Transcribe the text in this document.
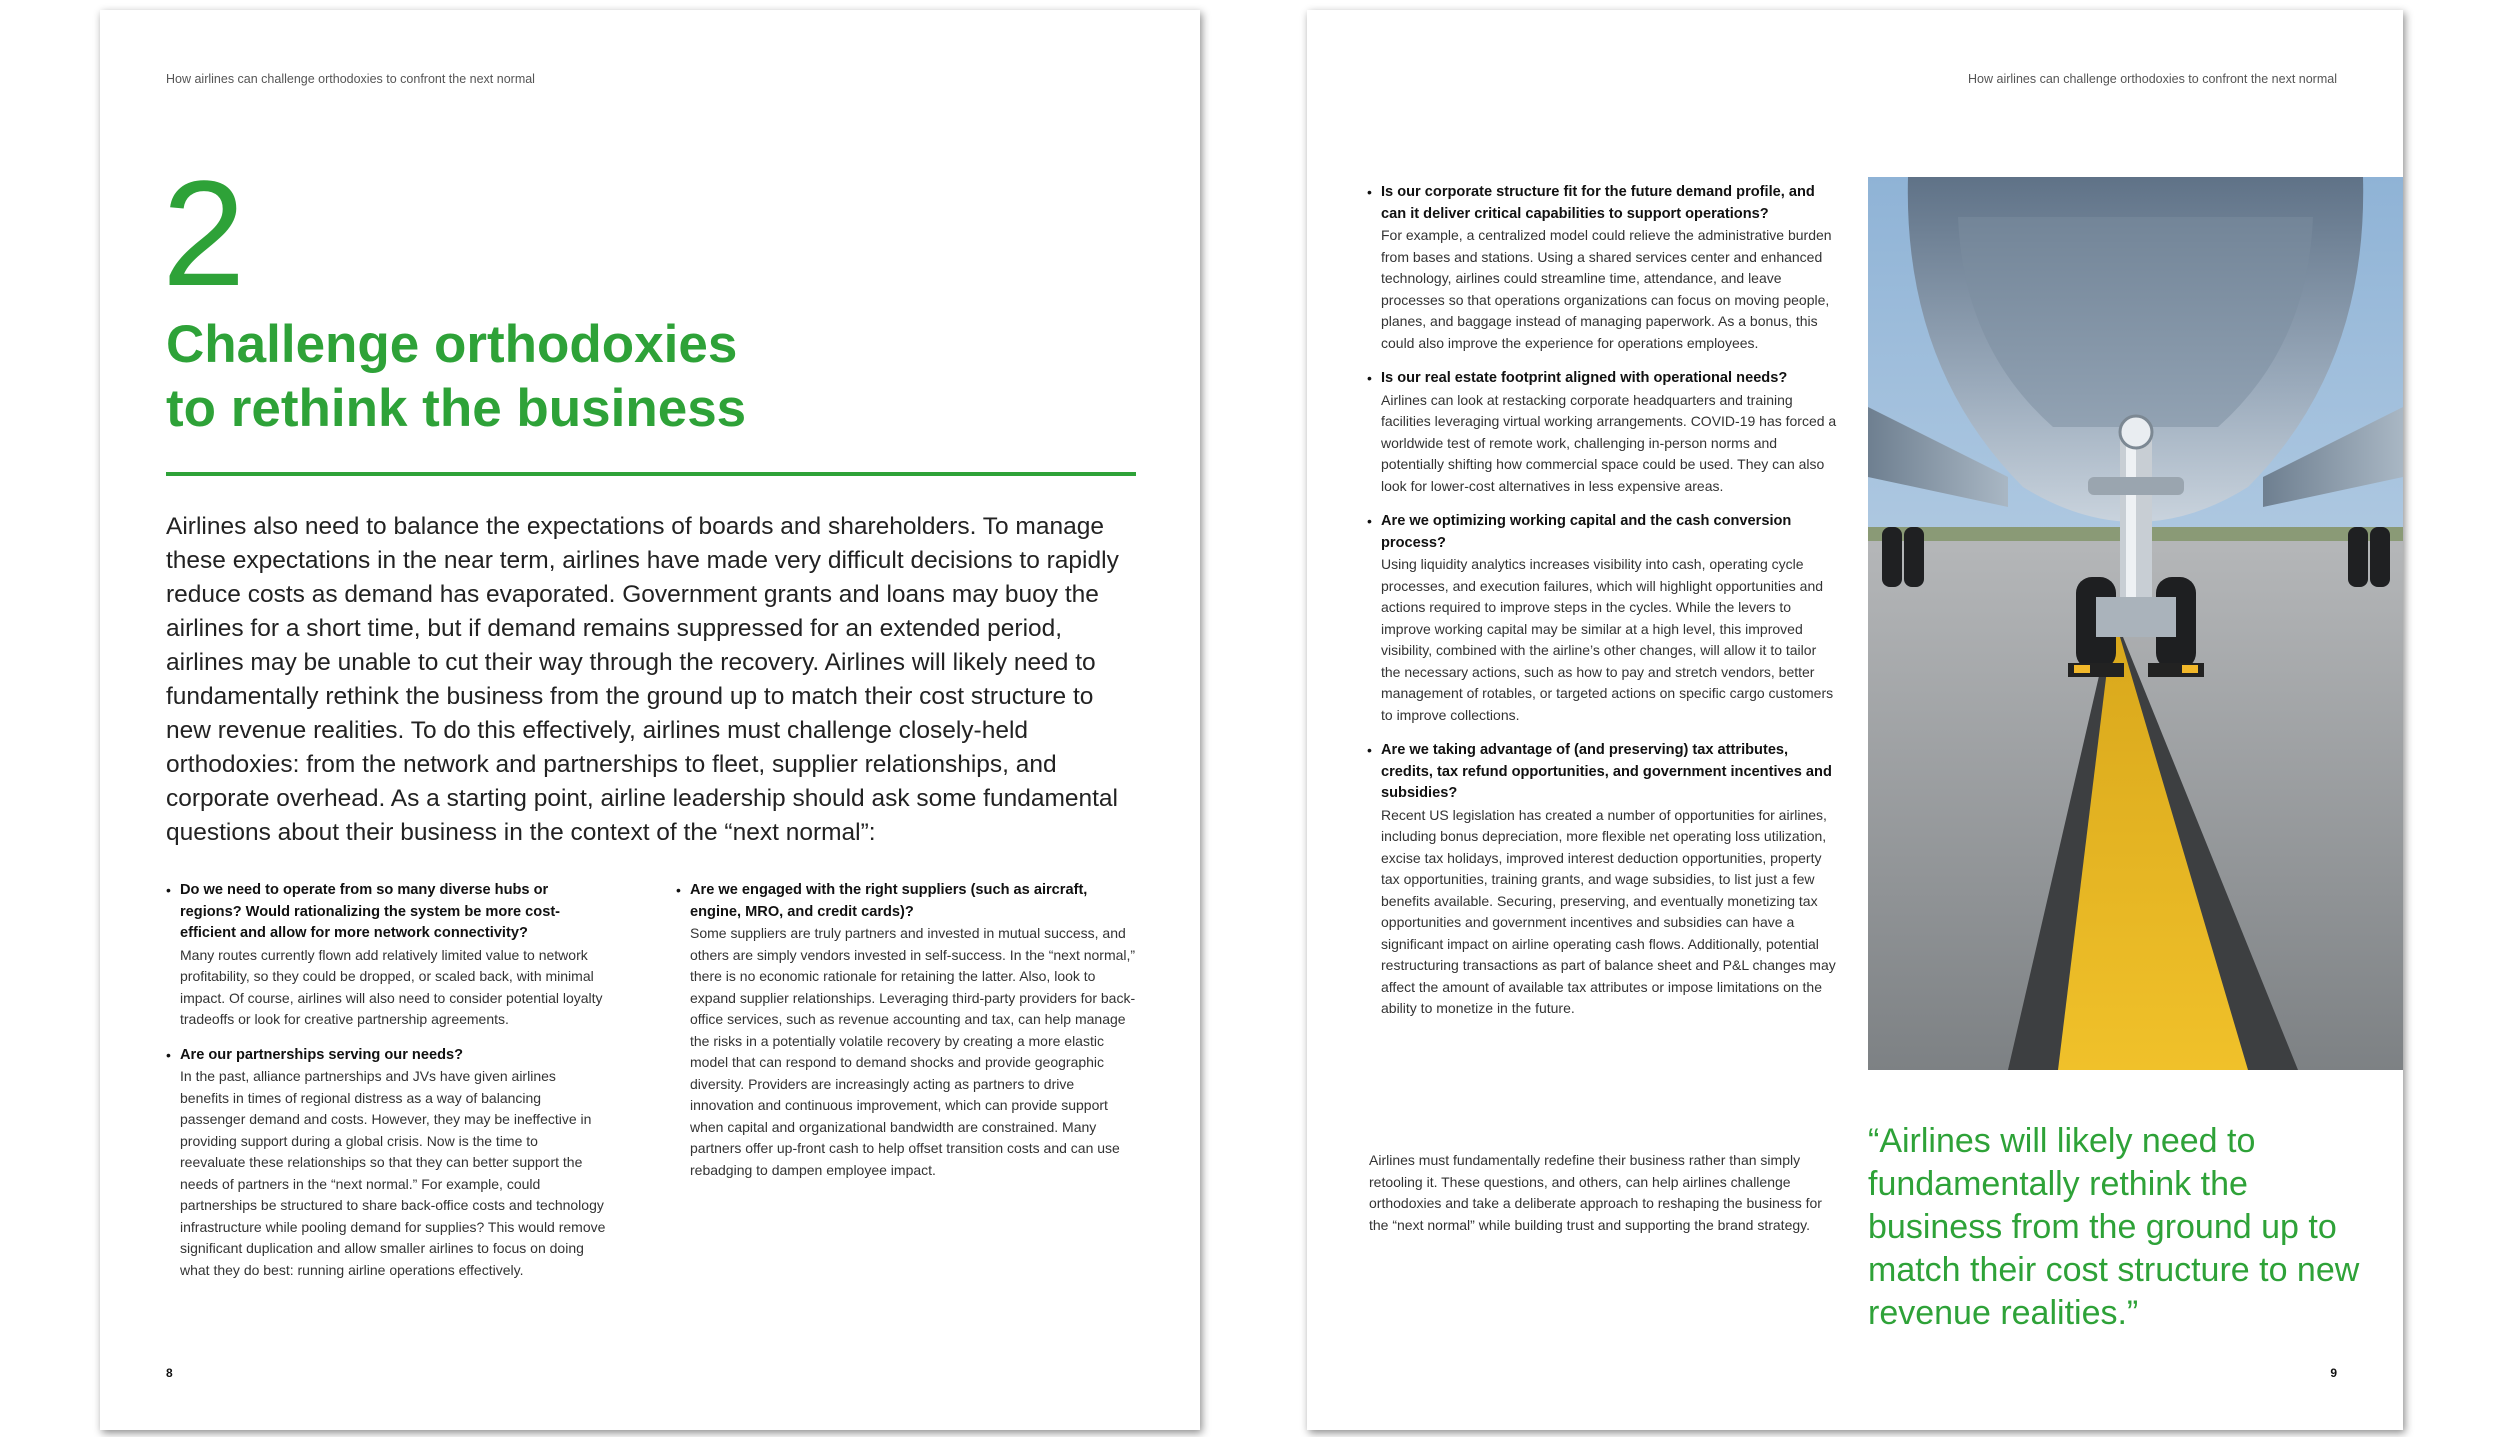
How airlines can challenge orthodoxies to confront the next normal
2
Challenge orthodoxies
to rethink the business

Airlines also need to balance the expectations of boards and shareholders. To manage these expectations in the near term, airlines have made very difficult decisions to rapidly reduce costs as demand has evaporated. Government grants and loans may buoy the airlines for a short time, but if demand remains suppressed for an extended period, airlines may be unable to cut their way through the recovery. Airlines will likely need to fundamentally rethink the business from the ground up to match their cost structure to new revenue realities. To do this effectively, airlines must challenge closely-held orthodoxies: from the network and partnerships to fleet, supplier relationships, and corporate overhead. As a starting point, airline leadership should ask some fundamental questions about their business in the context of the “next normal”:

• Do we need to operate from so many diverse hubs or regions? Would rationalizing the system be more cost-efficient and allow for more network connectivity?
Many routes currently flown add relatively limited value to network profitability, so they could be dropped, or scaled back, with minimal impact. Of course, airlines will also need to consider potential loyalty tradeoffs or look for creative partnership agreements.
• Are our partnerships serving our needs?
In the past, alliance partnerships and JVs have given airlines benefits in times of regional distress as a way of balancing passenger demand and costs. However, they may be ineffective in providing support during a global crisis. Now is the time to reevaluate these relationships so that they can better support the needs of partners in the “next normal.” For example, could partnerships be structured to share back-office costs and technology infrastructure while pooling demand for supplies? This would remove significant duplication and allow smaller airlines to focus on doing what they do best: running airline operations effectively.
• Are we engaged with the right suppliers (such as aircraft, engine, MRO, and credit cards)?
Some suppliers are truly partners and invested in mutual success, and others are simply vendors invested in self-success. In the “next normal,” there is no economic rationale for retaining the latter. Also, look to expand supplier relationships. Leveraging third-party providers for back-office services, such as revenue accounting and tax, can help manage the risks in a potentially volatile recovery by creating a more elastic model that can respond to demand shocks and provide geographic diversity. Providers are increasingly acting as partners to drive innovation and continuous improvement, which can provide support when capital and organizational bandwidth are constrained. Many partners offer up-front cash to help offset transition costs and can use rebadging to dampen employee impact.
8
How airlines can challenge orthodoxies to confront the next normal
• Is our corporate structure fit for the future demand profile, and can it deliver critical capabilities to support operations?
For example, a centralized model could relieve the administrative burden from bases and stations. Using a shared services center and enhanced technology, airlines could streamline time, attendance, and leave processes so that operations organizations can focus on moving people, planes, and baggage instead of managing paperwork. As a bonus, this could also improve the experience for operations employees.
• Is our real estate footprint aligned with operational needs?
Airlines can look at restacking corporate headquarters and training facilities leveraging virtual working arrangements. COVID-19 has forced a worldwide test of remote work, challenging in-person norms and potentially shifting how commercial space could be used. They can also look for lower-cost alternatives in less expensive areas.
• Are we optimizing working capital and the cash conversion process?
Using liquidity analytics increases visibility into cash, operating cycle processes, and execution failures, which will highlight opportunities and actions required to improve steps in the cycles. While the levers to improve working capital may be similar at a high level, this improved visibility, combined with the airline’s other changes, will allow it to tailor the necessary actions, such as how to pay and stretch vendors, better management of rotables, or targeted actions on specific cargo customers to improve collections.
• Are we taking advantage of (and preserving) tax attributes, credits, tax refund opportunities, and government incentives and subsidies?
Recent US legislation has created a number of opportunities for airlines, including bonus depreciation, more flexible net operating loss utilization, excise tax holidays, improved interest deduction opportunities, property tax opportunities, training grants, and wage subsidies, to list just a few benefits available. Securing, preserving, and eventually monetizing tax opportunities and government incentives and subsidies can have a significant impact on airline operating cash flows. Additionally, potential restructuring transactions as part of balance sheet and P&L changes may affect the amount of available tax attributes or impose limitations on the ability to monetize in the future.

Airlines must fundamentally redefine their business rather than simply retooling it. These questions, and others, can help airlines challenge orthodoxies and take a deliberate approach to reshaping the business for the “next normal” while building trust and supporting the brand strategy.

“Airlines will likely need to fundamentally rethink the business from the ground up to match their cost structure to new revenue realities.”

9
